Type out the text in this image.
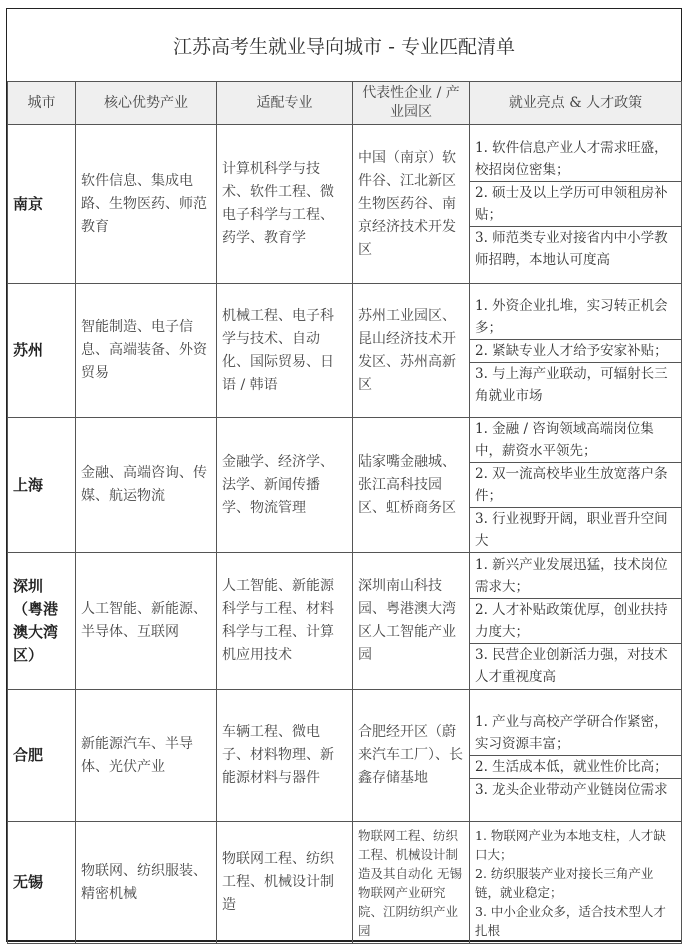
江苏高考生就业导向城市 - 专业匹配清单
城市	核心优势产业	适配专业	代表性企业 / 产业园区	就业亮点 & 人才政策
南京	软件信息、集成电路、生物医药、师范教育	计算机科学与技术、软件工程、微电子科学与工程、药学、教育学	中国（南京）软件谷、江北新区生物医药谷、南京经济技术开发区	1. 软件信息产业人才需求旺盛，校招岗位密集；
2. 硕士及以上学历可申领租房补贴；
3. 师范类专业对接省内中小学教师招聘，本地认可度高

苏州	智能制造、电子信息、高端装备、外资贸易	机械工程、电子科学与技术、自动化、国际贸易、日语 / 韩语	苏州工业园区、昆山经济技术开发区、苏州高新区	1. 外资企业扎堆，实习转正机会多；
2. 紧缺专业人才给予安家补贴；
3. 与上海产业联动，可辐射长三角就业市场

上海	金融、高端咨询、传媒、航运物流	金融学、经济学、法学、新闻传播学、物流管理	陆家嘴金融城、张江高科技园区、虹桥商务区	1. 金融 / 咨询领域高端岗位集中，薪资水平领先；
2. 双一流高校毕业生放宽落户条件；
3. 行业视野开阔，职业晋升空间大

深圳（粤港澳大湾区）	人工智能、新能源、半导体、互联网	人工智能、新能源科学与工程、材料科学与工程、计算机应用技术	深圳南山科技园、粤港澳大湾区人工智能产业园	1. 新兴产业发展迅猛，技术岗位需求大；
2. 人才补贴政策优厚，创业扶持力度大；
3. 民营企业创新活力强，对技术人才重视度高

合肥	新能源汽车、半导体、光伏产业	车辆工程、微电子、材料物理、新能源材料与器件	合肥经开区（蔚来汽车工厂）、长鑫存储基地	1. 产业与高校产学研合作紧密，实习资源丰富；
2. 生活成本低，就业性价比高；
3. 龙头企业带动产业链岗位需求

无锡	物联网、纺织服装、精密机械	物联网工程、纺织工程、机械设计制造	物联网工程、纺织工程、机械设计制造及其自动化 无锡物联网产业研究院、江阴纺织产业园	1. 物联网产业为本地支柱，人才缺口大；
2. 纺织服装产业对接长三角产业链，就业稳定；
3. 中小企业众多，适合技术型人才扎根
